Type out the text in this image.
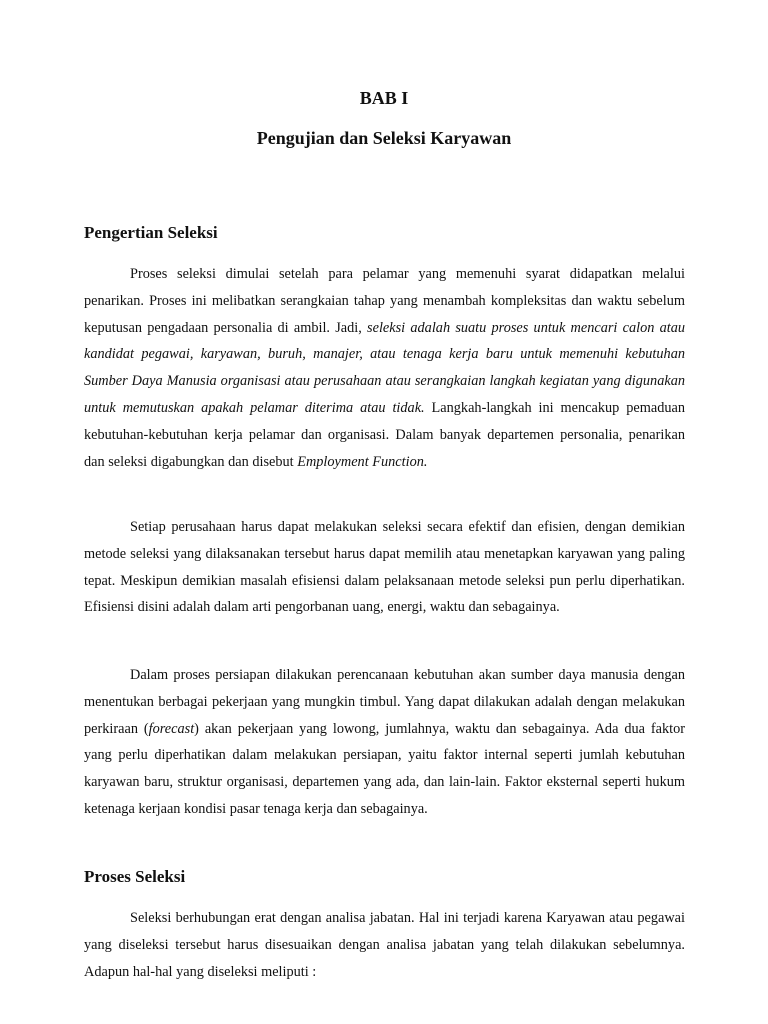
BAB I
Pengujian dan Seleksi Karyawan
Pengertian Seleksi

Proses seleksi dimulai setelah para pelamar yang memenuhi syarat didapatkan melalui penarikan. Proses ini melibatkan serangkaian tahap yang menambah kompleksitas dan waktu sebelum keputusan pengadaan personalia di ambil. Jadi, seleksi adalah suatu proses untuk mencari calon atau kandidat pegawai, karyawan, buruh, manajer, atau tenaga kerja baru untuk memenuhi kebutuhan Sumber Daya Manusia organisasi atau perusahaan atau serangkaian langkah kegiatan yang digunakan untuk memutuskan apakah pelamar diterima atau tidak. Langkah-langkah ini mencakup pemaduan kebutuhan-kebutuhan kerja pelamar dan organisasi. Dalam banyak departemen personalia, penarikan dan seleksi digabungkan dan disebut Employment Function.

Setiap perusahaan harus dapat melakukan seleksi secara efektif dan efisien, dengan demikian metode seleksi yang dilaksanakan tersebut harus dapat memilih atau menetapkan karyawan yang paling tepat. Meskipun demikian masalah efisiensi dalam pelaksanaan metode seleksi pun perlu diperhatikan. Efisiensi disini adalah dalam arti pengorbanan uang, energi, waktu dan sebagainya.

Dalam proses persiapan dilakukan perencanaan kebutuhan akan sumber daya manusia dengan menentukan berbagai pekerjaan yang mungkin timbul. Yang dapat dilakukan adalah dengan melakukan perkiraan (forecast) akan pekerjaan yang lowong, jumlahnya, waktu dan sebagainya. Ada dua faktor yang perlu diperhatikan dalam melakukan persiapan, yaitu faktor internal seperti jumlah kebutuhan karyawan baru, struktur organisasi, departemen yang ada, dan lain-lain. Faktor eksternal seperti hukum ketenaga kerjaan kondisi pasar tenaga kerja dan sebagainya.

Proses Seleksi

Seleksi berhubungan erat dengan analisa jabatan. Hal ini terjadi karena Karyawan atau pegawai yang diseleksi tersebut harus disesuaikan dengan analisa jabatan yang telah dilakukan sebelumnya. Adapun hal-hal yang diseleksi meliputi :
